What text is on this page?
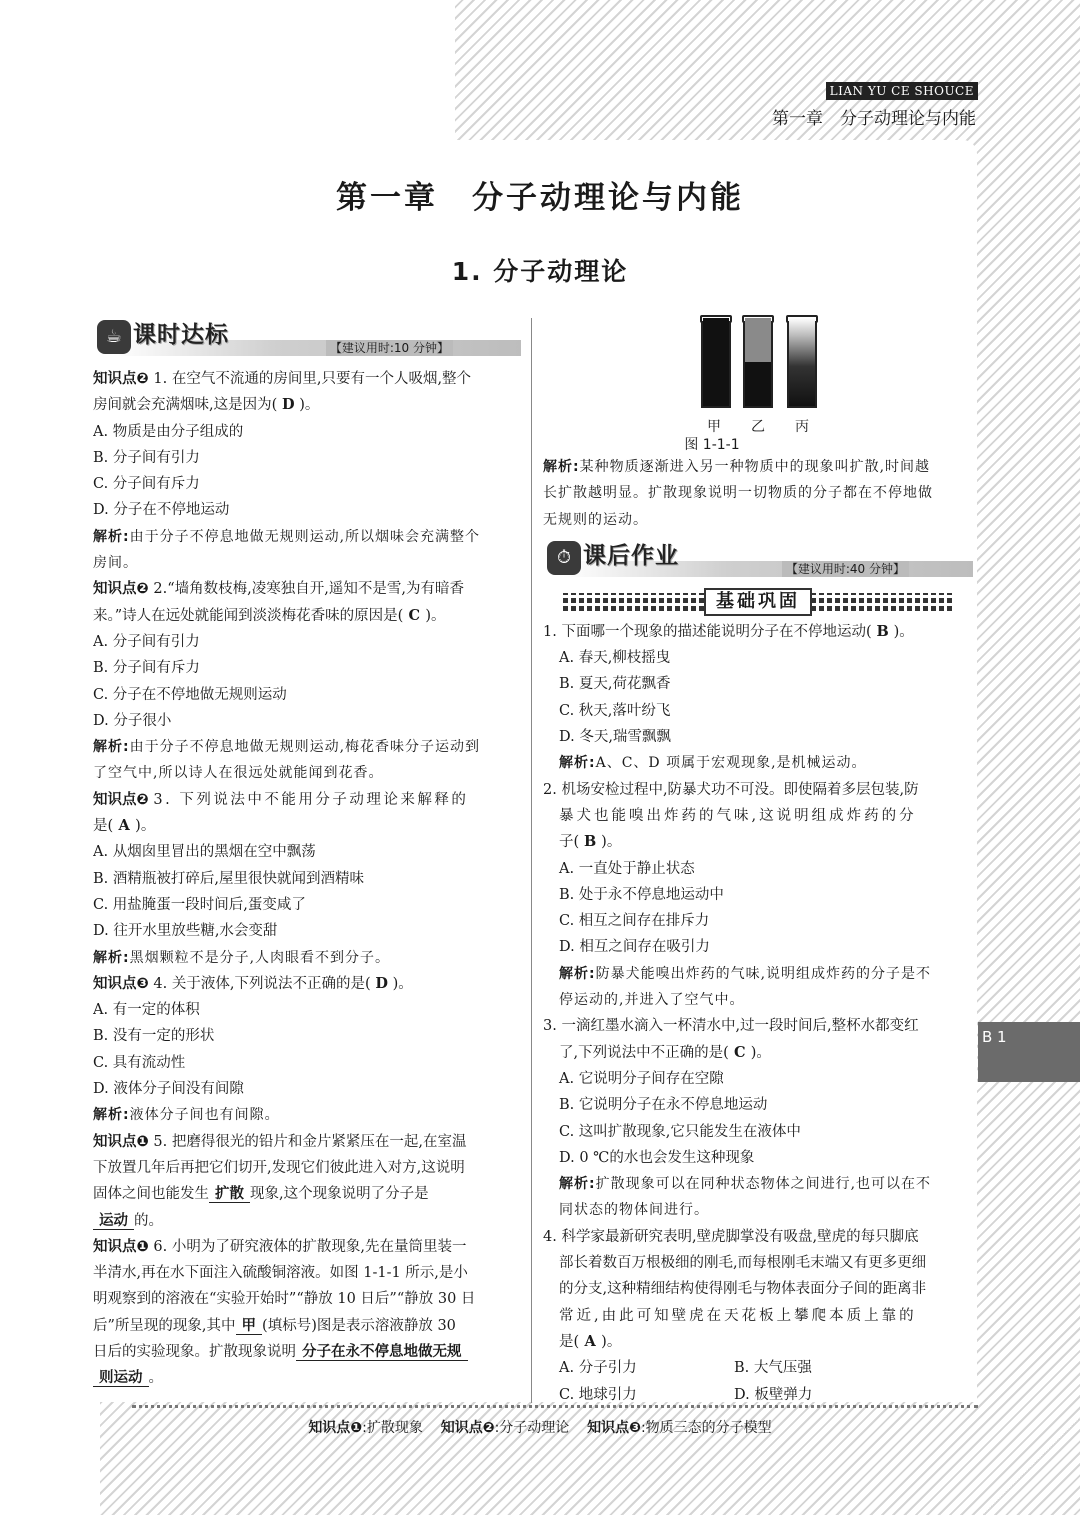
LIAN YU CE SHOUCE
第一章　分子动理论与内能
第一章　分子动理论与内能
1. 分子动理论
☕ 课时达标	【建议用时:10 分钟】
知识点❷ 1. 在空气不流通的房间里,只要有一个人吸烟,整个
房间就会充满烟味,这是因为( D )。
A. 物质是由分子组成的
B. 分子间有引力
C. 分子间有斥力
D. 分子在不停地运动
解析:由于分子不停息地做无规则运动,所以烟味会充满整个
房间。
知识点❷ 2.“墙角数枝梅,凌寒独自开,遥知不是雪,为有暗香
来。”诗人在远处就能闻到淡淡梅花香味的原因是( C )。
A. 分子间有引力
B. 分子间有斥力
C. 分子在不停地做无规则运动
D. 分子很小
解析:由于分子不停息地做无规则运动,梅花香味分子运动到
了空气中,所以诗人在很远处就能闻到花香。
知识点❷ 3. 下列说法中不能用分子动理论来解释的
是( A )。
A. 从烟囱里冒出的黑烟在空中飘荡
B. 酒精瓶被打碎后,屋里很快就闻到酒精味
C. 用盐腌蛋一段时间后,蛋变咸了
D. 往开水里放些糖,水会变甜
解析:黑烟颗粒不是分子,人肉眼看不到分子。
知识点❸ 4. 关于液体,下列说法不正确的是( D )。
A. 有一定的体积
B. 没有一定的形状
C. 具有流动性
D. 液体分子间没有间隙
解析:液体分子间也有间隙。
知识点❶ 5. 把磨得很光的铅片和金片紧紧压在一起,在室温
下放置几年后再把它们切开,发现它们彼此进入对方,这说明
固体之间也能发生 扩散 现象,这个现象说明了分子是
运动 的。
知识点❶ 6. 小明为了研究液体的扩散现象,先在量筒里装一
半清水,再在水下面注入硫酸铜溶液。如图 1-1-1 所示,是小
明观察到的溶液在“实验开始时”“静放 10 日后”“静放 30 日
后”所呈现的现象,其中 甲 (填标号)图是表示溶液静放 30
日后的实验现象。扩散现象说明 分子在永不停息地做无规
则运动 。
甲	乙	丙
图 1-1-1
解析:某种物质逐渐进入另一种物质中的现象叫扩散,时间越
长扩散越明显。扩散现象说明一切物质的分子都在不停地做
无规则的运动。
⏱ 课后作业	【建议用时:40 分钟】
基础巩固
1. 下面哪一个现象的描述能说明分子在不停地运动( B )。
A. 春天,柳枝摇曳
B. 夏天,荷花飘香
C. 秋天,落叶纷飞
D. 冬天,瑞雪飘飘
解析:A、C、D 项属于宏观现象,是机械运动。
2. 机场安检过程中,防暴犬功不可没。即使隔着多层包装,防
暴犬也能嗅出炸药的气味,这说明组成炸药的分
子( B )。
A. 一直处于静止状态
B. 处于永不停息地运动中
C. 相互之间存在排斥力
D. 相互之间存在吸引力
解析:防暴犬能嗅出炸药的气味,说明组成炸药的分子是不
停运动的,并进入了空气中。
3. 一滴红墨水滴入一杯清水中,过一段时间后,整杯水都变红
了,下列说法中不正确的是( C )。
A. 它说明分子间存在空隙
B. 它说明分子在永不停息地运动
C. 这叫扩散现象,它只能发生在液体中
D. 0 ℃的水也会发生这种现象
解析:扩散现象可以在同种状态物体之间进行,也可以在不
同状态的物体间进行。
4. 科学家最新研究表明,壁虎脚掌没有吸盘,壁虎的每只脚底
部长着数百万根极细的刚毛,而每根刚毛末端又有更多更细
的分支,这种精细结构使得刚毛与物体表面分子间的距离非
常近,由此可知壁虎在天花板上攀爬本质上靠的
是( A )。
A. 分子引力	B. 大气压强
C. 地球引力	D. 板壁弹力
B 1
知识点❶:扩散现象 知识点❷:分子动理论 知识点❸:物质三态的分子模型
